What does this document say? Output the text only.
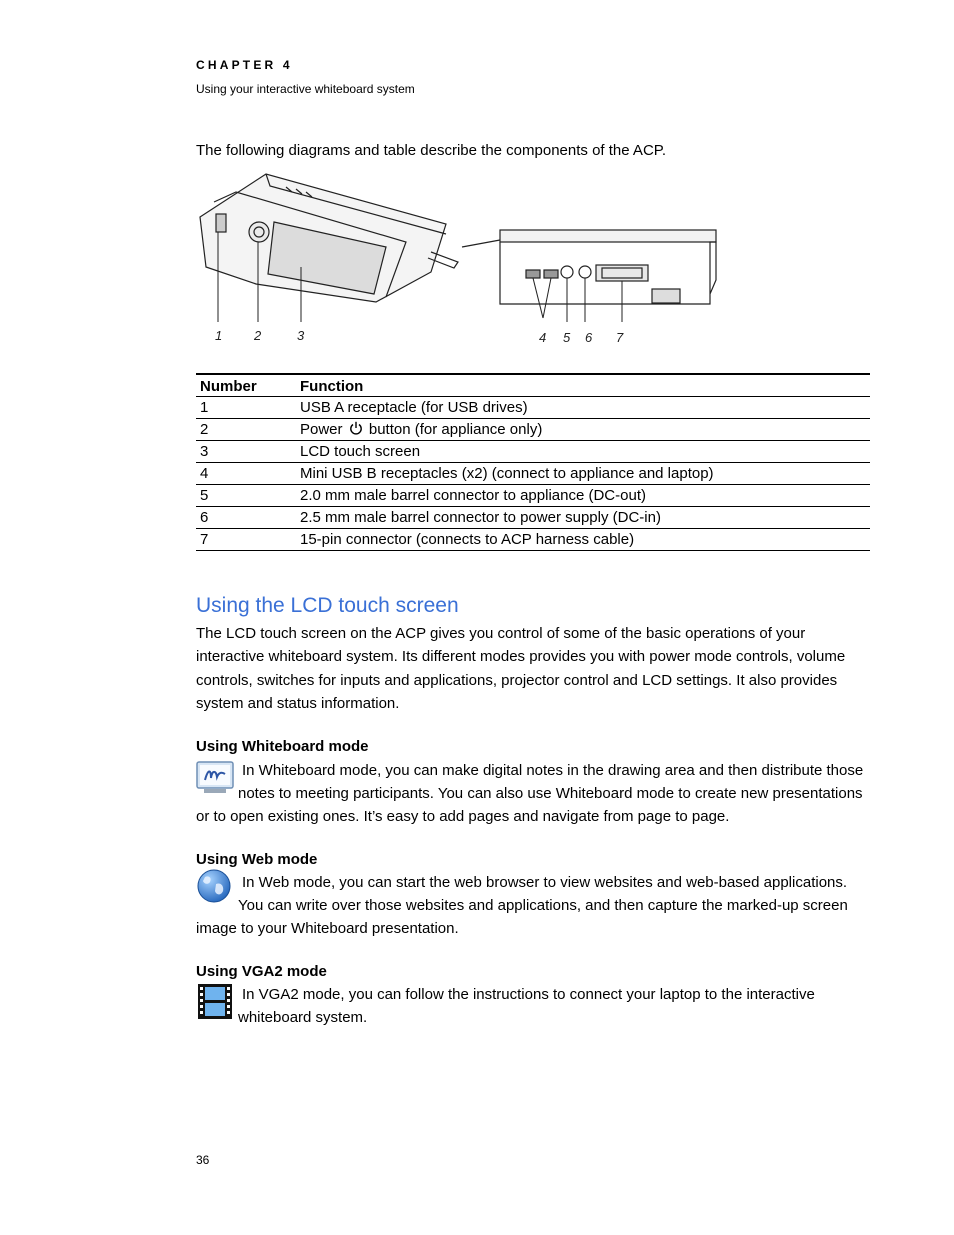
CHAPTER 4
Using your interactive whiteboard system
The following diagrams and table describe the components of the ACP.
1 2	3	4 5 6 7
Number	Function
1	USB A receptacle (for USB drives)
2	Power button (for appliance only)
3	LCD touch screen
4	Mini USB B receptacles (x2) (connect to appliance and laptop)
5	2.0 mm male barrel connector to appliance (DC-out)
6	2.5 mm male barrel connector to power supply (DC-in)
7	15-pin connector (connects to ACP harness cable)
Using the LCD touch screen
The LCD touch screen on the ACP gives you control of some of the basic operations of your interactive whiteboard system. Its different modes provides you with power mode controls, volume controls, switches for inputs and applications, projector control and LCD settings. It also provides system and status information.
Using Whiteboard mode
In Whiteboard mode, you can make digital notes in the drawing area and then distribute those
notes to meeting participants. You can also use Whiteboard mode to create new presentations
or to open existing ones. It’s easy to add pages and navigate from page to page.
Using Web mode
In Web mode, you can start the web browser to view websites and web-based applications.
You can write over those websites and applications, and then capture the marked-up screen
image to your Whiteboard presentation.
Using VGA2 mode
In VGA2 mode, you can follow the instructions to connect your laptop to the interactive
whiteboard system.
36
